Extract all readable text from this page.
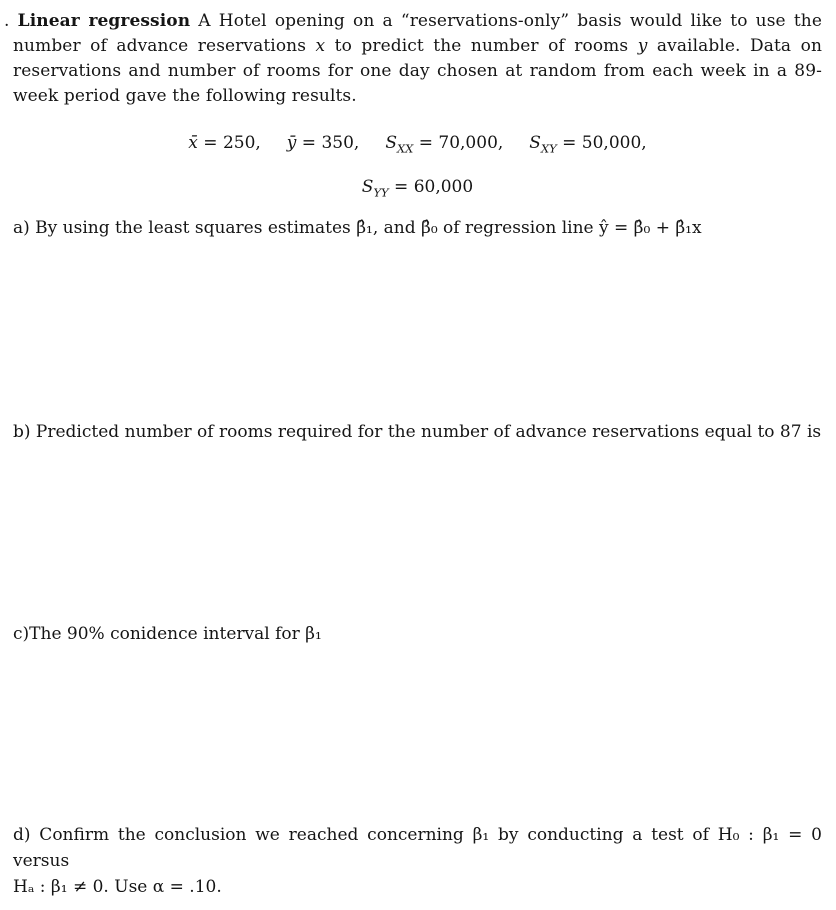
. Linear regression A Hotel opening on a “reservations-only” basis would like to use the number of advance reservations x to predict the number of rooms y available. Data on reservations and number of rooms for one day chosen at random from each week in a 89-week period gave the following results.

x̄ = 250, ȳ = 350, $S_{XX} = 70,000$, $S_{XY} = 50,000$,
$S_{YY} = 60,000$

a) By using the least squares estimates β̂₁, and β̂₀ of regression line ŷ = β̂₀ + β̂₁x

b) Predicted number of rooms required for the number of advance reservations equal to 87 is

c)The 90% conidence interval for β₁

d) Confirm the conclusion we reached concerning β₁ by conducting a test of H₀ : β₁ = 0 versus
Hₐ : β₁ ≠ 0. Use α = .10.
